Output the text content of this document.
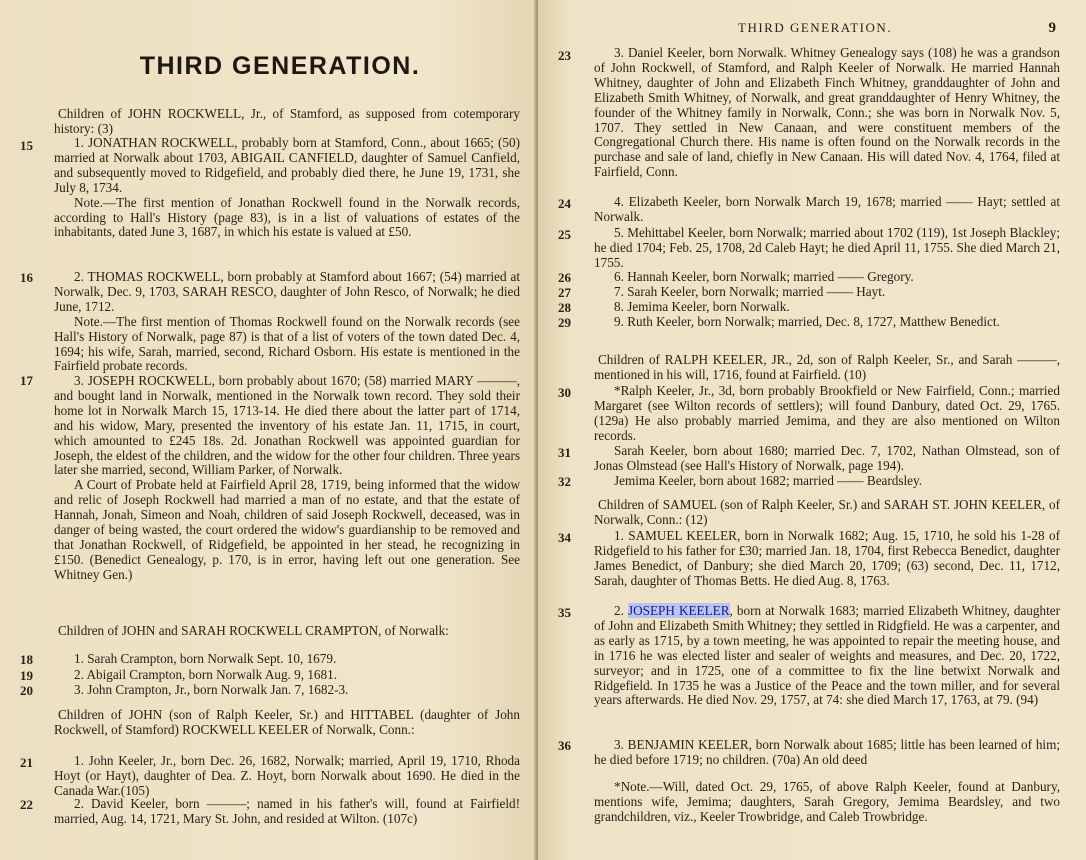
THIRD GENERATION.
15
16
17
18
19
20
21
22

Children of JOHN ROCKWELL, Jr., of Stamford, as supposed from cotemporary history: (3)

1. JONATHAN ROCKWELL, probably born at Stamford, Conn., about 1665; (50) married at Norwalk about 1703, ABIGAIL CANFIELD, daughter of Samuel Canfield, and subsequently moved to Ridgefield, and probably died there, he June 19, 1731, she July 8, 1734.

Note.—The first mention of Jonathan Rockwell found in the Norwalk records, according to Hall's History (page 83), is in a list of valuations of estates of the inhabitants, dated June 3, 1687, in which his estate is valued at £50.

2. THOMAS ROCKWELL, born probably at Stamford about 1667; (54) married at Norwalk, Dec. 9, 1703, SARAH RESCO, daughter of John Resco, of Norwalk; he died June, 1712.

Note.—The first mention of Thomas Rockwell found on the Norwalk records (see Hall's History of Norwalk, page 87) is that of a list of voters of the town dated Dec. 4, 1694; his wife, Sarah, married, second, Richard Osborn. His estate is mentioned in the Fairfield probate records.

3. JOSEPH ROCKWELL, born probably about 1670; (58) married MARY ———, and bought land in Norwalk, mentioned in the Norwalk town record. They sold their home lot in Norwalk March 15, 1713-14. He died there about the latter part of 1714, and his widow, Mary, presented the inventory of his estate Jan. 11, 1715, in court, which amounted to £245 18s. 2d. Jonathan Rockwell was appointed guardian for Joseph, the eldest of the children, and the widow for the other four children. Three years later she married, second, William Parker, of Norwalk.

A Court of Probate held at Fairfield April 28, 1719, being informed that the widow and relic of Joseph Rockwell had married a man of no estate, and that the estate of Hannah, Jonah, Simeon and Noah, children of said Joseph Rockwell, deceased, was in danger of being wasted, the court ordered the widow's guardianship to be removed and that Jonathan Rockwell, of Ridgefield, be appointed in her stead, he recognizing in £150. (Benedict Genealogy, p. 170, is in error, having left out one generation. See Whitney Gen.)

Children of JOHN and SARAH ROCKWELL CRAMPTON, of Norwalk:

1. Sarah Crampton, born Norwalk Sept. 10, 1679.

2. Abigail Crampton, born Norwalk Aug. 9, 1681.

3. John Crampton, Jr., born Norwalk Jan. 7, 1682-3.

Children of JOHN (son of Ralph Keeler, Sr.) and HITTABEL (daughter of John Rockwell, of Stamford) ROCKWELL KEELER of Norwalk, Conn.:

1. John Keeler, Jr., born Dec. 26, 1682, Norwalk; married, April 19, 1710, Rhoda Hoyt (or Hayt), daughter of Dea. Z. Hoyt, born Norwalk about 1690. He died in the Canada War.(105)

2. David Keeler, born ———; named in his father's will, found at Fairfield! married, Aug. 14, 1721, Mary St. John, and resided at Wilton. (107c)

THIRD GENERATION.	9
23
24
25
26
27
28
29
30
31
32
34
35
36

3. Daniel Keeler, born Norwalk. Whitney Genealogy says (108) he was a grandson of John Rockwell, of Stamford, and Ralph Keeler of Norwalk. He married Hannah Whitney, daughter of John and Elizabeth Finch Whitney, granddaughter of John and Elizabeth Smith Whitney, of Norwalk, and great granddaughter of Henry Whitney, the founder of the Whitney family in Norwalk, Conn.; she was born in Norwalk Nov. 5, 1707. They settled in New Canaan, and were constituent members of the Congregational Church there. His name is often found on the Norwalk records in the purchase and sale of land, chiefly in New Canaan. His will dated Nov. 4, 1764, filed at Fairfield, Conn.

4. Elizabeth Keeler, born Norwalk March 19, 1678; married —— Hayt; settled at Norwalk.

5. Mehittabel Keeler, born Norwalk; married about 1702 (119), 1st Joseph Blackley; he died 1704; Feb. 25, 1708, 2d Caleb Hayt; he died April 11, 1755. She died March 21, 1755.

6. Hannah Keeler, born Norwalk; married —— Gregory.

7. Sarah Keeler, born Norwalk; married —— Hayt.

8. Jemima Keeler, born Norwalk.

9. Ruth Keeler, born Norwalk; married, Dec. 8, 1727, Matthew Benedict.

Children of RALPH KEELER, JR., 2d, son of Ralph Keeler, Sr., and Sarah ———, mentioned in his will, 1716, found at Fairfield. (10)

*Ralph Keeler, Jr., 3d, born probably Brookfield or New Fairfield, Conn.; married Margaret (see Wilton records of settlers); will found Danbury, dated Oct. 29, 1765. (129a) He also probably married Jemima, and they are also mentioned on Wilton records.

Sarah Keeler, born about 1680; married Dec. 7, 1702, Nathan Olmstead, son of Jonas Olmstead (see Hall's History of Norwalk, page 194).

Jemima Keeler, born about 1682; married —— Beardsley.

Children of SAMUEL (son of Ralph Keeler, Sr.) and SARAH ST. JOHN KEELER, of Norwalk, Conn.: (12)

1. SAMUEL KEELER, born in Norwalk 1682; Aug. 15, 1710, he sold his 1-28 of Ridgefield to his father for £30; married Jan. 18, 1704, first Rebecca Benedict, daughter James Benedict, of Danbury; she died March 20, 1709; (63) second, Dec. 11, 1712, Sarah, daughter of Thomas Betts. He died Aug. 8, 1763.

2. JOSEPH KEELER, born at Norwalk 1683; married Elizabeth Whitney, daughter of John and Elizabeth Smith Whitney; they settled in Ridgfield. He was a carpenter, and as early as 1715, by a town meeting, he was appointed to repair the meeting house, and in 1716 he was elected lister and sealer of weights and measures, and Dec. 20, 1722, surveyor; and in 1725, one of a committee to fix the line betwixt Norwalk and Ridgefield. In 1735 he was a Justice of the Peace and the town miller, and for several years afterwards. He died Nov. 29, 1757, at 74: she died March 17, 1763, at 79. (94)

3. BENJAMIN KEELER, born Norwalk about 1685; little has been learned of him; he died before 1719; no children. (70a) An old deed

*Note.—Will, dated Oct. 29, 1765, of above Ralph Keeler, found at Danbury, mentions wife, Jemima; daughters, Sarah Gregory, Jemima Beardsley, and two grandchildren, viz., Keeler Trowbridge, and Caleb Trowbridge.
